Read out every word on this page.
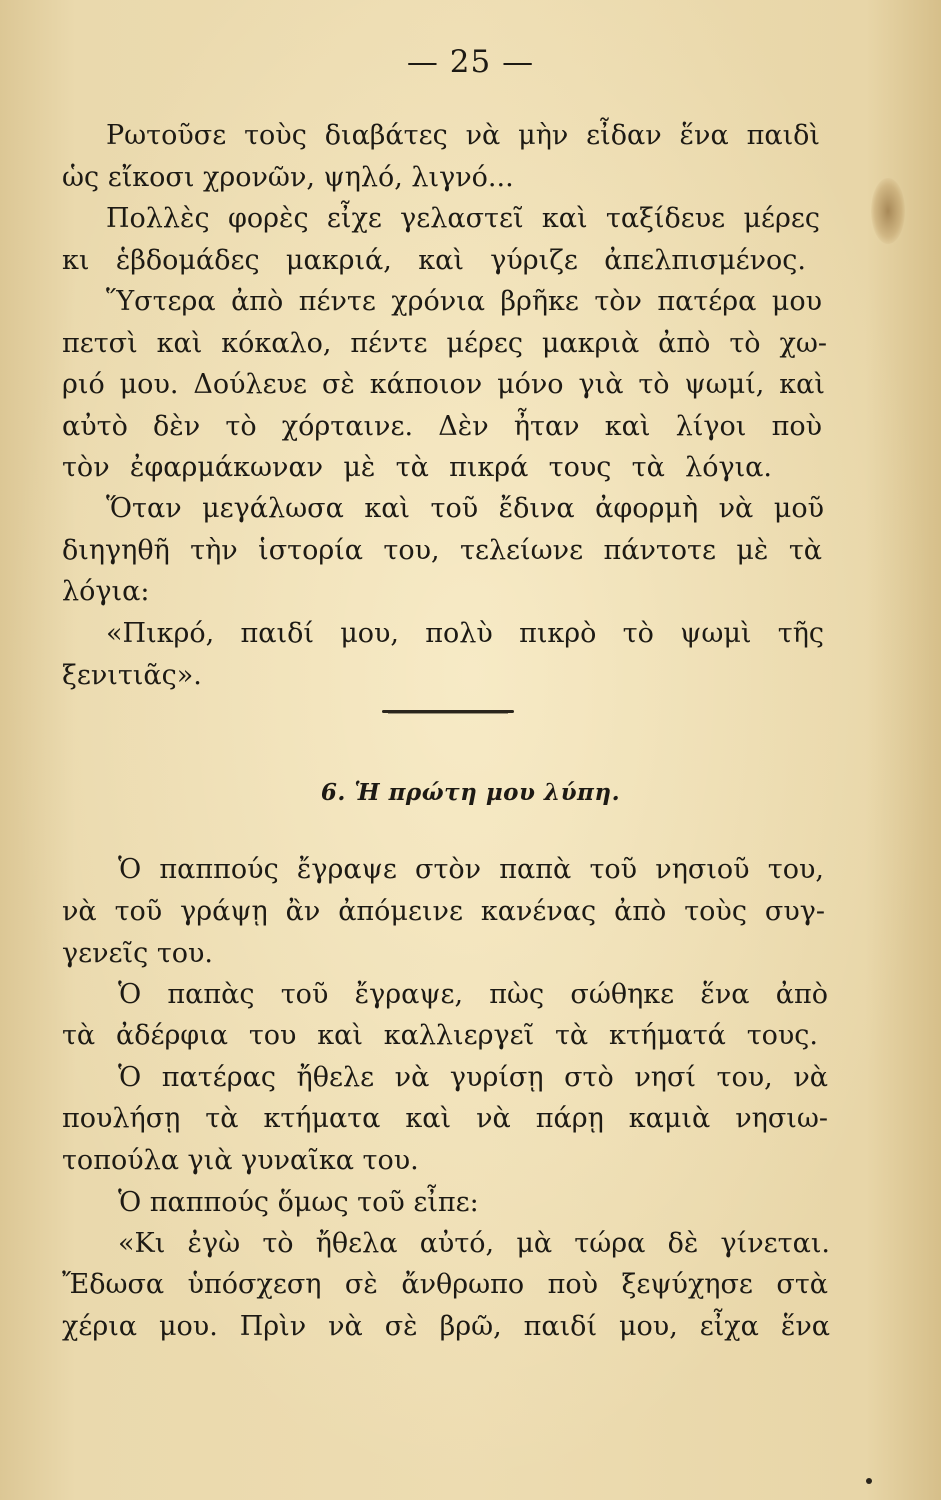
— 25 —
Ρωτοῦσε τοὺς διαβάτες νὰ μὴν εἶδαν ἕνα παιδὶ
ὡς εἴκοσι χρονῶν, ψηλό, λιγνό...
Πολλὲς φορὲς εἶχε γελαστεῖ καὶ ταξίδευε μέρες
κι ἑβδομάδες μακριά, καὶ γύριζε ἀπελπισμένος.
Ὕστερα ἀπὸ πέντε χρόνια βρῆκε τὸν πατέρα μου
πετσὶ καὶ κόκαλο, πέντε μέρες μακριὰ ἀπὸ τὸ χω-
ριό μου. Δούλευε σὲ κάποιον μόνο γιὰ τὸ ψωμί, καὶ
αὐτὸ δὲν τὸ χόρταινε. Δὲν ἦταν καὶ λίγοι ποὺ
τὸν ἐφαρμάκωναν μὲ τὰ πικρά τους τὰ λόγια.
Ὅταν μεγάλωσα καὶ τοῦ ἔδινα ἀφορμὴ νὰ μοῦ
διηγηθῆ τὴν ἱστορία του, τελείωνε πάντοτε μὲ τὰ
λόγια:
«Πικρό, παιδί μου, πολὺ πικρὸ τὸ ψωμὶ τῆς
ξενιτιᾶς».
6. Ἡ πρώτη μου λύπη.
Ὁ παππούς ἔγραψε στὸν παπὰ τοῦ νησιοῦ του,
νὰ τοῦ γράψῃ ἂν ἀπόμεινε κανένας ἀπὸ τοὺς συγ-
γενεῖς του.
Ὁ παπὰς τοῦ ἔγραψε, πὼς σώθηκε ἕνα ἀπὸ
τὰ ἀδέρφια του καὶ καλλιεργεῖ τὰ κτήματά τους.
Ὁ πατέρας ἤθελε νὰ γυρίσῃ στὸ νησί του, νὰ
πουλήσῃ τὰ κτήματα καὶ νὰ πάρῃ καμιὰ νησιω-
τοπούλα γιὰ γυναῖκα του.
Ὁ παππούς ὅμως τοῦ εἶπε:
«Κι ἐγὼ τὸ ἤθελα αὐτό, μὰ τώρα δὲ γίνεται.
Ἔδωσα ὑπόσχεση σὲ ἄνθρωπο ποὺ ξεψύχησε στὰ
χέρια μου. Πρὶν νὰ σὲ βρῶ, παιδί μου, εἶχα ἕνα
